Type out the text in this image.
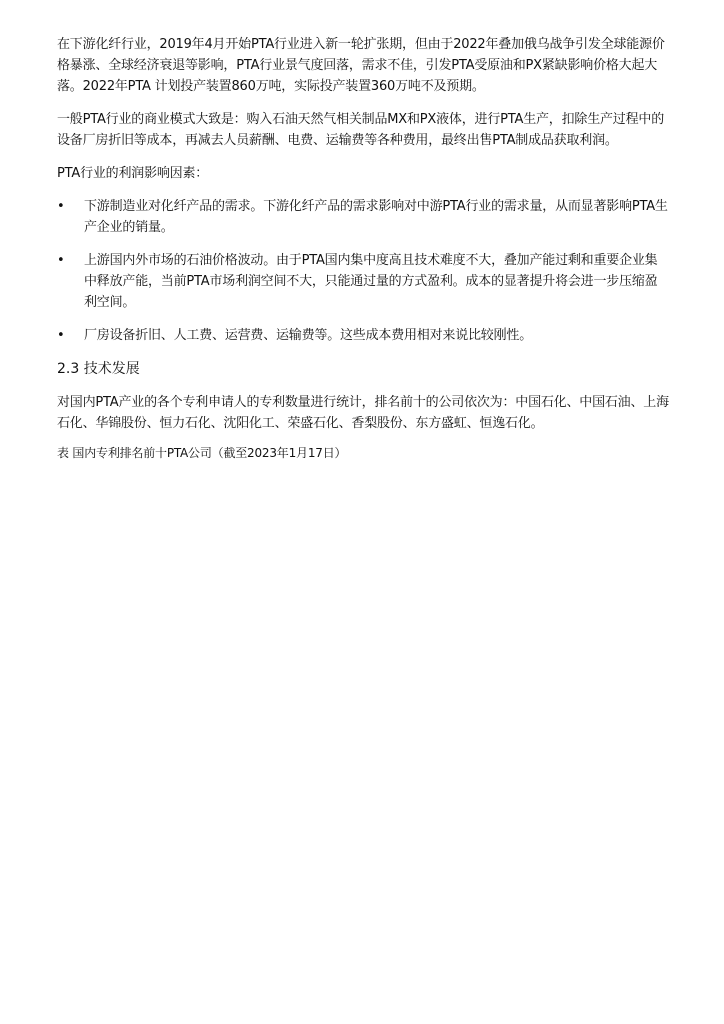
在下游化纤行业，2019年4月开始PTA行业进入新一轮扩张期，但由于2022年叠加俄乌战争引发全球能源价格暴涨、全球经济衰退等影响，PTA行业景气度回落，需求不佳，引发PTA受原油和PX紧缺影响价格大起大落。2022年PTA 计划投产装置860万吨，实际投产装置360万吨不及预期。

一般PTA行业的商业模式大致是：购入石油天然气相关制品MX和PX液体，进行PTA生产，扣除生产过程中的设备厂房折旧等成本，再减去人员薪酬、电费、运输费等各种费用，最终出售PTA制成品获取利润。

PTA行业的利润影响因素：

• 下游制造业对化纤产品的需求。下游化纤产品的需求影响对中游PTA行业的需求量，从而显著影响PTA生产企业的销量。
• 上游国内外市场的石油价格波动。由于PTA国内集中度高且技术难度不大，叠加产能过剩和重要企业集中释放产能，当前PTA市场利润空间不大，只能通过量的方式盈利。成本的显著提升将会进一步压缩盈利空间。
• 厂房设备折旧、人工费、运营费、运输费等。这些成本费用相对来说比较刚性。
2.3 技术发展

对国内PTA产业的各个专利申请人的专利数量进行统计，排名前十的公司依次为：中国石化、中国石油、上海石化、华锦股份、恒力石化、沈阳化工、荣盛石化、香梨股份、东方盛虹、恒逸石化。

表 国内专利排名前十PTA公司（截至2023年1月17日）
